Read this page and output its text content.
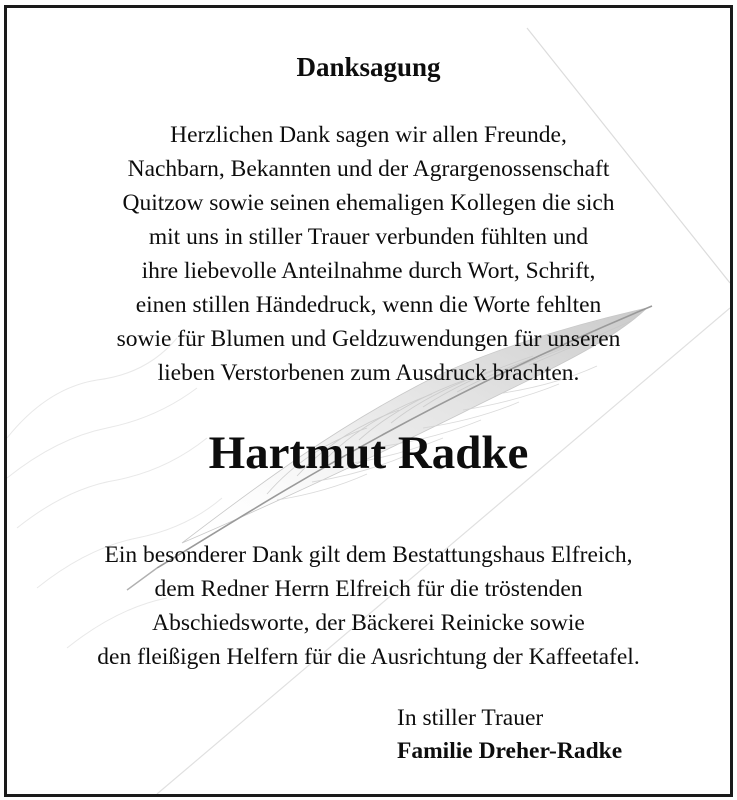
Danksagung
Herzlichen Dank sagen wir allen Freunde,
Nachbarn, Bekannten und der Agrargenossenschaft
Quitzow sowie seinen ehemaligen Kollegen die sich
mit uns in stiller Trauer verbunden fühlten und
ihre liebevolle Anteilnahme durch Wort, Schrift,
einen stillen Händedruck, wenn die Worte fehlten
sowie für Blumen und Geldzuwendungen für unseren
lieben Verstorbenen zum Ausdruck brachten.
Hartmut Radke
Ein besonderer Dank gilt dem Bestattungshaus Elfreich,
dem Redner Herrn Elfreich für die tröstenden
Abschiedsworte, der Bäckerei Reinicke sowie
den fleißigen Helfern für die Ausrichtung der Kaffeetafel.
In stiller Trauer
Familie Dreher-Radke
